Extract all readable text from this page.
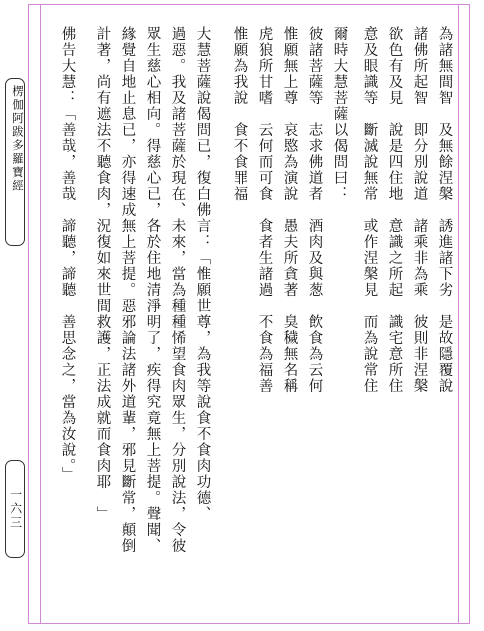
楞伽阿跋多羅寶經
一六三
為諸無間智　及無餘涅槃　誘進諸下劣　是故隱覆說
諸佛所起智　即分別說道　諸乘非為乘　彼則非涅槃
欲色有及見　說是四住地　意識之所起　識宅意所住
意及眼識等　斷滅說無常　或作涅槃見　而為說常住
爾時大慧菩薩以偈問曰：
彼諸菩薩等　志求佛道者　酒肉及與葱　飲食為云何
惟願無上尊　哀愍為演說　愚夫所貪著　臭穢無名稱
虎狼所甘嗜　云何而可食　食者生諸過　不食為福善
惟願為我說　食不食罪福
大慧菩薩說偈問已，復白佛言：「惟願世尊，為我等說食不食肉功德、
過惡。我及諸菩薩於現在、未來，當為種種悕望食肉眾生，分別說法，令彼
眾生慈心相向。得慈心已，各於住地清淨明了，疾得究竟無上菩提。聲聞、
緣覺自地止息已，亦得速成無上菩提。惡邪論法諸外道輩，邪見斷常，顛倒
計著，尚有遮法不聽食肉，況復如來世間救護，正法成就而食肉耶　」
佛告大慧：「善哉，善哉　諦聽，諦聽　善思念之，當為汝說。」
